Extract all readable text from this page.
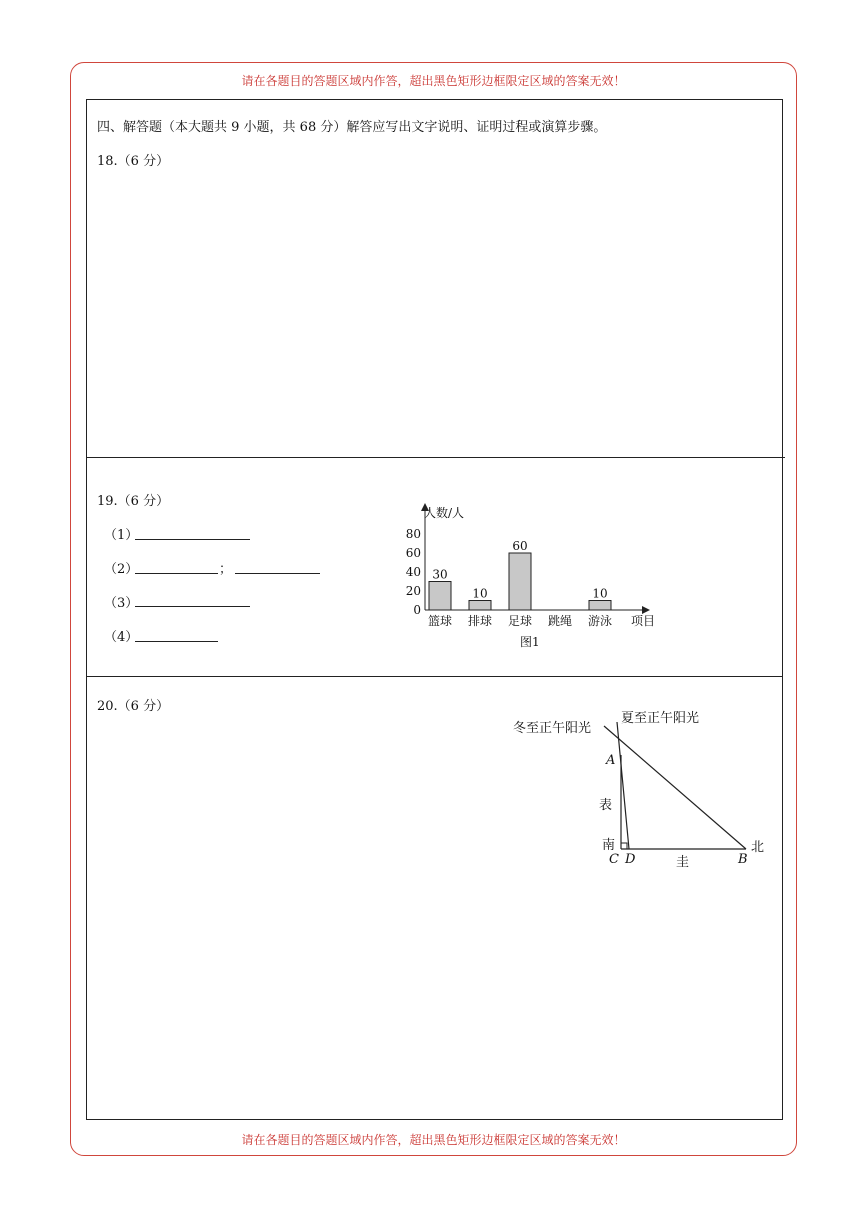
请在各题目的答题区域内作答，超出黑色矩形边框限定区域的答案无效！
请在各题目的答题区域内作答，超出黑色矩形边框限定区域的答案无效！
四、解答题（本大题共 9 小题，共 68 分）解答应写出文字说明、证明过程或演算步骤。
18.（6 分）
19.（6 分）
（1）
（2）	；
（3）
（4）
人数/人
项目
图1
0
20
40
60
80
30
篮球
10
排球
60
足球 跳绳
10
游泳
20.（6 分）
冬至正午阳光
夏至正午阳光
A
表
南
C D	圭	B
北
